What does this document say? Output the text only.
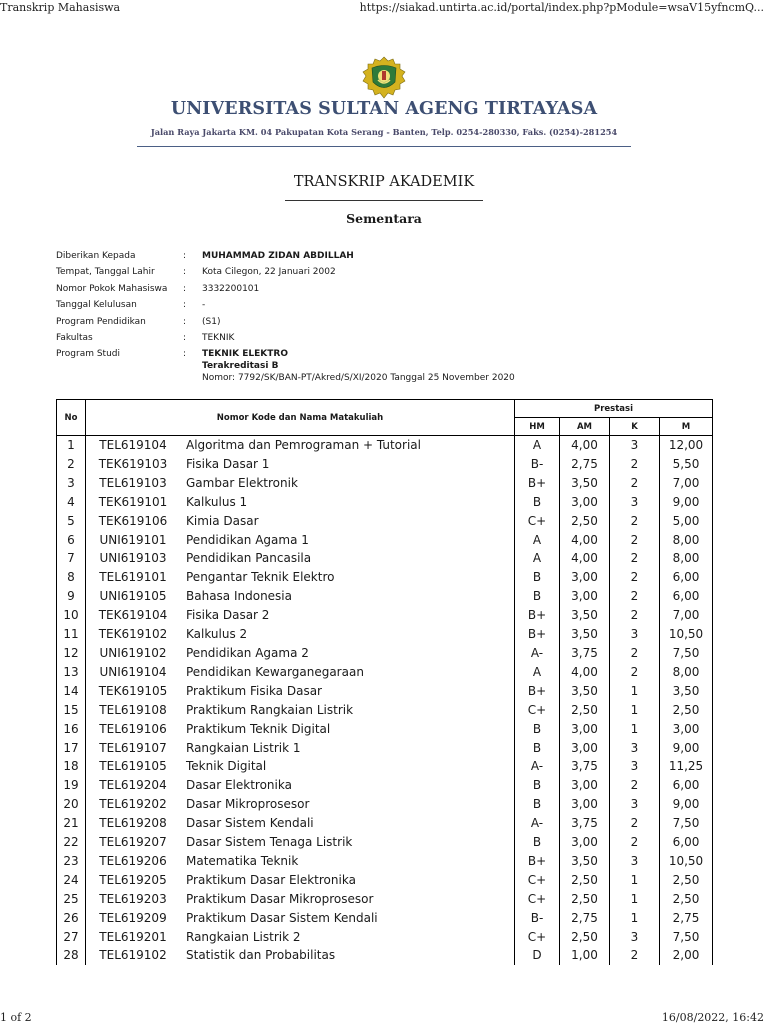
Transkrip Mahasiswa	https://siakad.untirta.ac.id/portal/index.php?pModule=wsaV15yfncmQ...
UNIVERSITAS SULTAN AGENG TIRTAYASA
Jalan Raya Jakarta KM. 04 Pakupatan Kota Serang - Banten, Telp. 0254-280330, Faks. (0254)-281254
TRANSKRIP AKADEMIK
Sementara
Diberikan Kepada	: MUHAMMAD ZIDAN ABDILLAH
Tempat, Tanggal Lahir	: Kota Cilegon, 22 Januari 2002
Nomor Pokok Mahasiswa : 3332200101
Tanggal Kelulusan	: -
Program Pendidikan	: (S1)
Fakultas	: TEKNIK
Program Studi	: TEKNIK ELEKTRO
Terakreditasi B
Nomor: 7792/SK/BAN-PT/Akred/S/XI/2020 Tanggal 25 November 2020
No	Nomor Kode dan Nama Matakuliah		Prestasi			
			HM	AM	K	M
1	TEL619104	Algoritma dan Pemrograman + Tutorial	A	4,00	3	12,00
2	TEK619103	Fisika Dasar 1	B-	2,75	2	5,50
3	TEL619103	Gambar Elektronik	B+	3,50	2	7,00
4	TEK619101	Kalkulus 1	B	3,00	3	9,00
5	TEK619106	Kimia Dasar	C+	2,50	2	5,00
6	UNI619101	Pendidikan Agama 1	A	4,00	2	8,00
7	UNI619103	Pendidikan Pancasila	A	4,00	2	8,00
8	TEL619101	Pengantar Teknik Elektro	B	3,00	2	6,00
9	UNI619105	Bahasa Indonesia	B	3,00	2	6,00
10	TEK619104	Fisika Dasar 2	B+	3,50	2	7,00
11	TEK619102	Kalkulus 2	B+	3,50	3	10,50
12	UNI619102	Pendidikan Agama 2	A-	3,75	2	7,50
13	UNI619104	Pendidikan Kewarganegaraan	A	4,00	2	8,00
14	TEK619105	Praktikum Fisika Dasar	B+	3,50	1	3,50
15	TEL619108	Praktikum Rangkaian Listrik	C+	2,50	1	2,50
16	TEL619106	Praktikum Teknik Digital	B	3,00	1	3,00
17	TEL619107	Rangkaian Listrik 1	B	3,00	3	9,00
18	TEL619105	Teknik Digital	A-	3,75	3	11,25
19	TEL619204	Dasar Elektronika	B	3,00	2	6,00
20	TEL619202	Dasar Mikroprosesor	B	3,00	3	9,00
21	TEL619208	Dasar Sistem Kendali	A-	3,75	2	7,50
22	TEL619207	Dasar Sistem Tenaga Listrik	B	3,00	2	6,00
23	TEL619206	Matematika Teknik	B+	3,50	3	10,50
24	TEL619205	Praktikum Dasar Elektronika	C+	2,50	1	2,50
25	TEL619203	Praktikum Dasar Mikroprosesor	C+	2,50	1	2,50
26	TEL619209	Praktikum Dasar Sistem Kendali	B-	2,75	1	2,75
27	TEL619201	Rangkaian Listrik 2	C+	2,50	3	7,50
28	TEL619102	Statistik dan Probabilitas	D	1,00	2	2,00
1 of 2	16/08/2022, 16:42
